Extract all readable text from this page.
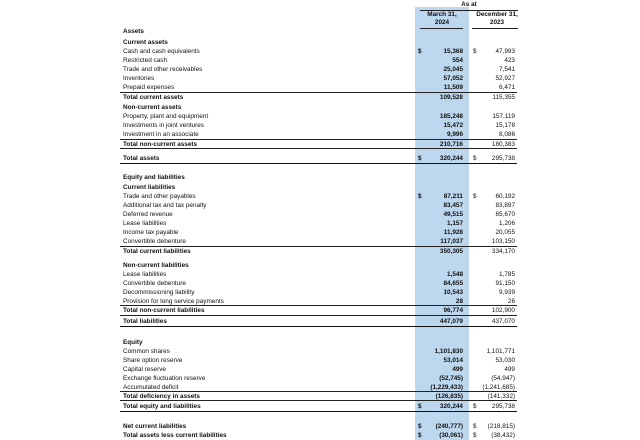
As at
March 31,
2024
December 31,
2023
Assets
Current assets
Cash and cash equivalents	$	15,368 $	47,993
Restricted cash	554	423
Trade and other receivables	25,045	7,541
Inventories	57,052	52,927
Prepaid expenses	11,509	6,471
Total current assets	109,528	115,355
Non-current assets
Property, plant and equipment	185,248	157,119
Investments in joint ventures	15,472	15,178
Investment in an associate	9,996	8,086
Total non-current assets	210,716	180,383
Total assets	$	320,244 $	295,738
Equity and liabilities
Current liabilities
Trade and other payables	$	87,211 $	60,192
Additional tax and tax penalty	83,457	83,897
Deferred revenue	49,515	65,670
Lease liabilities	1,157	1,206
Income tax payable	11,928	20,055
Convertible debenture	117,037	103,150
Total current liabilities	350,305	334,170
Non-current liabilities
Lease liabilities	1,548	1,785
Convertible debenture	84,655	91,150
Decommissioning liability	10,543	9,939
Provision for long service payments	28	26
Total non-current liabilities	96,774	102,900
Total liabilities	447,079	437,070
Equity
Common shares	1,101,830	1,101,771
Share option reserve	53,014	53,030
Capital reserve	499	499
Exchange fluctuation reserve	(52,745)	(54,947)
Accumulated deficit	(1,229,433)	(1,241,685)
Total deficiency in assets	(126,835)	(141,332)
Total equity and liabilities	$	320,244 $	295,738
Net current liabilities	$	(240,777) $	(218,815)
Total assets less current liabilities	$	(30,061) $	(38,432)
